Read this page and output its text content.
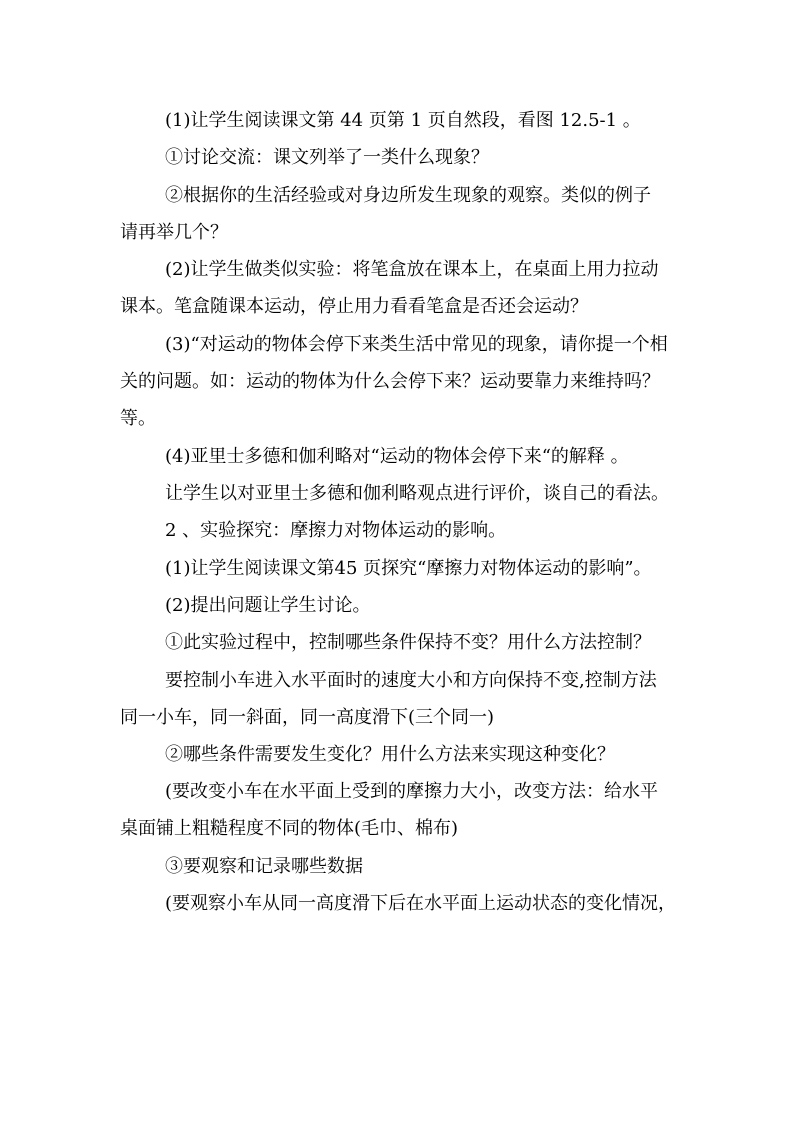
(1)让学生阅读课文第 44 页第 1 页自然段，看图 12.5-1 。
①讨论交流：课文列举了一类什么现象？
②根据你的生活经验或对身边所发生现象的观察。类似的例子
请再举几个？
(2)让学生做类似实验：将笔盒放在课本上，在桌面上用力拉动
课本。笔盒随课本运动，停止用力看看笔盒是否还会运动？
(3)“对运动的物体会停下来类生活中常见的现象，请你提一个相
关的问题。如：运动的物体为什么会停下来？运动要靠力来维持吗？
等。
(4)亚里士多德和伽利略对“运动的物体会停下来“的解释 。
让学生以对亚里士多德和伽利略观点进行评价，谈自己的看法。
2 、实验探究：摩擦力对物体运动的影响。
(1)让学生阅读课文第45 页探究“摩擦力对物体运动的影响”。
(2)提出问题让学生讨论。
①此实验过程中，控制哪些条件保持不变？用什么方法控制？
要控制小车进入水平面时的速度大小和方向保持不变,控制方法
同一小车，同一斜面，同一高度滑下(三个同一)
②哪些条件需要发生变化？用什么方法来实现这种变化？
(要改变小车在水平面上受到的摩擦力大小，改变方法：给水平
桌面铺上粗糙程度不同的物体(毛巾、棉布)
③要观察和记录哪些数据
(要观察小车从同一高度滑下后在水平面上运动状态的变化情况，
